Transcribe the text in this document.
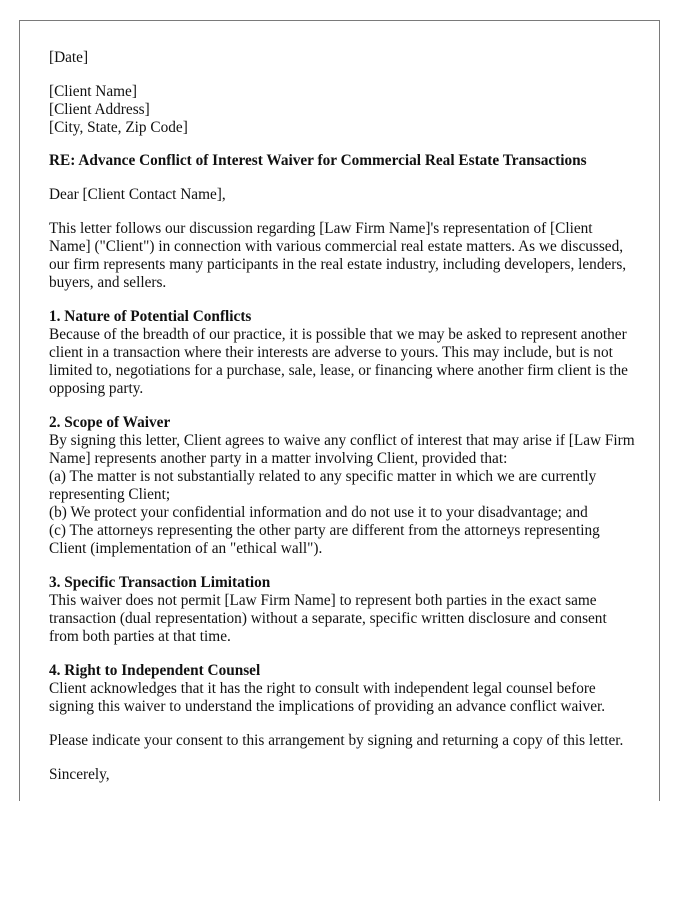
[Date]

[Client Name]
[Client Address]
[City, State, Zip Code]

RE: Advance Conflict of Interest Waiver for Commercial Real Estate Transactions

Dear [Client Contact Name],

This letter follows our discussion regarding [Law Firm Name]'s representation of [Client Name] ("Client") in connection with various commercial real estate matters. As we discussed, our firm represents many participants in the real estate industry, including developers, lenders, buyers, and sellers.

1. Nature of Potential Conflicts
Because of the breadth of our practice, it is possible that we may be asked to represent another client in a transaction where their interests are adverse to yours. This may include, but is not limited to, negotiations for a purchase, sale, lease, or financing where another firm client is the opposing party.
2. Scope of Waiver
By signing this letter, Client agrees to waive any conflict of interest that may arise if [Law Firm Name] represents another party in a matter involving Client, provided that:
(a) The matter is not substantially related to any specific matter in which we are currently representing Client;
(b) We protect your confidential information and do not use it to your disadvantage; and
(c) The attorneys representing the other party are different from the attorneys representing Client (implementation of an "ethical wall").
3. Specific Transaction Limitation
This waiver does not permit [Law Firm Name] to represent both parties in the exact same transaction (dual representation) without a separate, specific written disclosure and consent from both parties at that time.
4. Right to Independent Counsel
Client acknowledges that it has the right to consult with independent legal counsel before signing this waiver to understand the implications of providing an advance conflict waiver.

Please indicate your consent to this arrangement by signing and returning a copy of this letter.

Sincerely,
